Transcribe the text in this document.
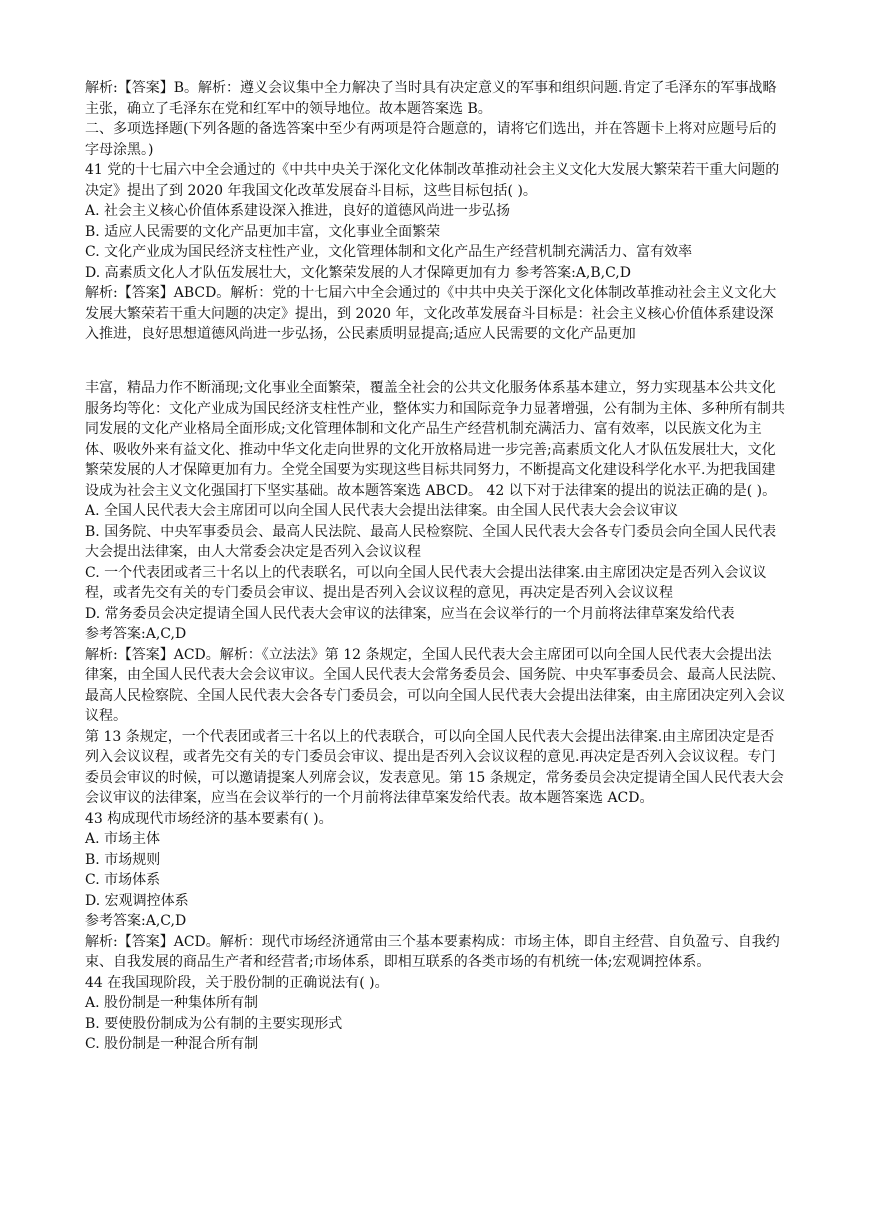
解析:【答案】B。解析：遵义会议集中全力解决了当时具有决定意义的军事和组织问题.肯定了毛泽东的军事战略主张，确立了毛泽东在党和红军中的领导地位。故本题答案选 B。

二、多项选择题(下列各题的备选答案中至少有两项是符合题意的，请将它们选出，并在答题卡上将对应题号后的字母涂黑。)

41 党的十七届六中全会通过的《中共中央关于深化文化体制改革推动社会主义文化大发展大繁荣若干重大问题的决定》提出了到 2020 年我国文化改革发展奋斗目标，这些目标包括( )。

A. 社会主义核心价值体系建设深入推进，良好的道德风尚进一步弘扬

B. 适应人民需要的文化产品更加丰富，文化事业全面繁荣

C. 文化产业成为国民经济支柱性产业，文化管理体制和文化产品生产经营机制充满活力、富有效率

D. 高素质文化人才队伍发展壮大，文化繁荣发展的人才保障更加有力 参考答案:A,B,C,D

解析:【答案】ABCD。解析：党的十七届六中全会通过的《中共中央关于深化文化体制改革推动社会主义文化大发展大繁荣若干重大问题的决定》提出，到 2020 年，文化改革发展奋斗目标是：社会主义核心价值体系建设深入推进，良好思想道德风尚进一步弘扬，公民素质明显提高;适应人民需要的文化产品更加

丰富，精品力作不断涌现;文化事业全面繁荣，覆盖全社会的公共文化服务体系基本建立，努力实现基本公共文化服务均等化：文化产业成为国民经济支柱性产业，整体实力和国际竞争力显著增强，公有制为主体、多种所有制共同发展的文化产业格局全面形成;文化管理体制和文化产品生产经营机制充满活力、富有效率，以民族文化为主体、吸收外来有益文化、推动中华文化走向世界的文化开放格局进一步完善;高素质文化人才队伍发展壮大，文化繁荣发展的人才保障更加有力。全党全国要为实现这些目标共同努力，不断提高文化建设科学化水平.为把我国建设成为社会主义文化强国打下坚实基础。故本题答案选 ABCD。 42 以下对于法律案的提出的说法正确的是( )。

A. 全国人民代表大会主席团可以向全国人民代表大会提出法律案。由全国人民代表大会会议审议

B. 国务院、中央军事委员会、最高人民法院、最高人民检察院、全国人民代表大会各专门委员会向全国人民代表大会提出法律案，由人大常委会决定是否列入会议议程

C. 一个代表团或者三十名以上的代表联名，可以向全国人民代表大会提出法律案.由主席团决定是否列入会议议程，或者先交有关的专门委员会审议、提出是否列入会议议程的意见，再决定是否列入会议议程

D. 常务委员会决定提请全国人民代表大会审议的法律案，应当在会议举行的一个月前将法律草案发给代表

参考答案:A,C,D

解析:【答案】ACD。解析：《立法法》第 12 条规定，全国人民代表大会主席团可以向全国人民代表大会提出法律案，由全国人民代表大会会议审议。全国人民代表大会常务委员会、国务院、中央军事委员会、最高人民法院、最高人民检察院、全国人民代表大会各专门委员会，可以向全国人民代表大会提出法律案，由主席团决定列入会议议程。

第 13 条规定，一个代表团或者三十名以上的代表联合，可以向全国人民代表大会提出法律案.由主席团决定是否列入会议议程，或者先交有关的专门委员会审议、提出是否列入会议议程的意见.再决定是否列入会议议程。专门委员会审议的时候，可以邀请提案人列席会议，发表意见。第 15 条规定，常务委员会决定提请全国人民代表大会会议审议的法律案，应当在会议举行的一个月前将法律草案发给代表。故本题答案选 ACD。

43 构成现代市场经济的基本要素有( )。

A. 市场主体

B. 市场规则

C. 市场体系

D. 宏观调控体系

参考答案:A,C,D

解析:【答案】ACD。解析：现代市场经济通常由三个基本要素构成：市场主体，即自主经营、自负盈亏、自我约束、自我发展的商品生产者和经营者;市场体系，即相互联系的各类市场的有机统一体;宏观调控体系。

44 在我国现阶段，关于股份制的正确说法有( )。

A. 股份制是一种集体所有制

B. 要使股份制成为公有制的主要实现形式

C. 股份制是一种混合所有制
